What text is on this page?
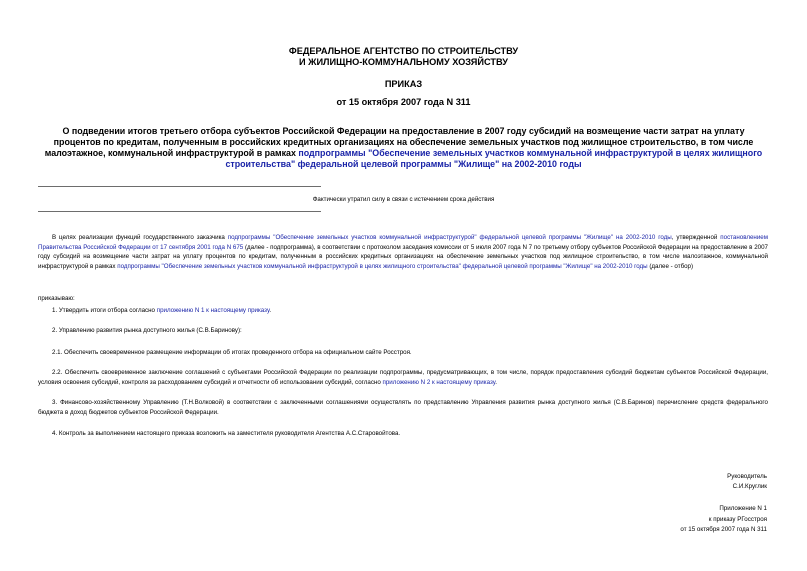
ФЕДЕРАЛЬНОЕ АГЕНТСТВО ПО СТРОИТЕЛЬСТВУ
И ЖИЛИЩНО-КОММУНАЛЬНОМУ ХОЗЯЙСТВУ
ПРИКАЗ
от 15 октября 2007 года N 311
О подведении итогов третьего отбора субъектов Российской Федерации на предоставление в 2007 году субсидий на возмещение части затрат на уплату процентов по кредитам, полученным в российских кредитных организациях на обеспечение земельных участков под жилищное строительство, в том числе малоэтажное, коммунальной инфраструктурой в рамках подпрограммы "Обеспечение земельных участков коммунальной инфраструктурой в целях жилищного строительства" федеральной целевой программы "Жилище" на 2002-2010 годы
Фактически утратил силу в связи с истечением срока действия
В целях реализации функций государственного заказчика подпрограммы "Обеспечение земельных участков коммунальной инфраструктурой" федеральной целевой программы "Жилище" на 2002-2010 годы, утвержденной постановлением Правительства Российской Федерации от 17 сентября 2001 года N 675 (далее - подпрограмма), в соответствии с протоколом заседания комиссии от 5 июля 2007 года N 7 по третьему отбору субъектов Российской Федерации на предоставление в 2007 году субсидий на возмещение части затрат на уплату процентов по кредитам, полученным в российских кредитных организациях на обеспечение земельных участков под жилищное строительство, в том числе малоэтажное, коммунальной инфраструктурой в рамках подпрограммы "Обеспечение земельных участков коммунальной инфраструктурой в целях жилищного строительства" федеральной целевой программы "Жилище" на 2002-2010 годы (далее - отбор)
приказываю:
1. Утвердить итоги отбора согласно приложению N 1 к настоящему приказу.
2. Управлению развития рынка доступного жилья (С.В.Баринову):
2.1. Обеспечить своевременное размещение информации об итогах проведенного отбора на официальном сайте Росстроя.
2.2. Обеспечить своевременное заключение соглашений с субъектами Российской Федерации по реализации подпрограммы, предусматривающих, в том числе, порядок предоставления субсидий бюджетам субъектов Российской Федерации, условия освоения субсидий, контроля за расходованием субсидий и отчетности об использовании субсидий, согласно приложению N 2 к настоящему приказу.
3. Финансово-хозяйственному Управлению (Т.Н.Волковой) в соответствии с заключенными соглашениями осуществлять по представлению Управления развития рынка доступного жилья (С.В.Баринов) перечисление средств федерального бюджета в доход бюджетов субъектов Российской Федерации.
4. Контроль за выполнением настоящего приказа возложить на заместителя руководителя Агентства А.С.Старовойтова.
Руководитель
С.И.Круглик
Приложение N 1
к приказу РГосстроя
от 15 октября 2007 года N 311
